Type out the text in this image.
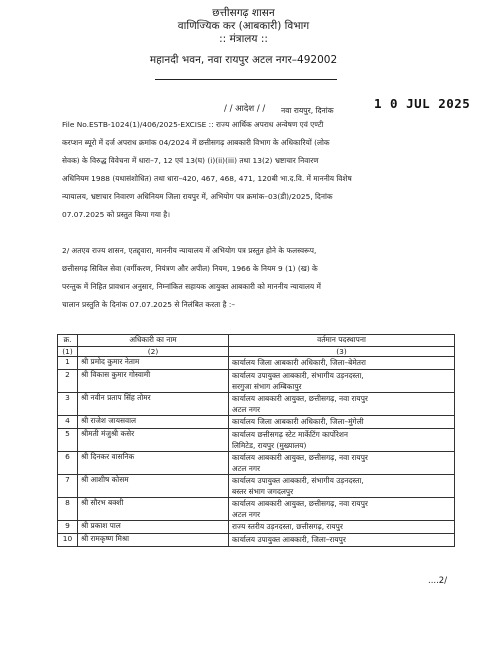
छत्तीसगढ़ शासन
वाणिज्यिक कर (आबकारी) विभाग
:: मंत्रालय ::
महानदी भवन, नवा रायपुर अटल नगर–492002
/ / आदेश / / नवा रायपुर, दिनांक	1 0 JUL 2025
File No.ESTB-1024(1)/406/2025-EXCISE :: राज्य आर्थिक अपराध अन्वेषण एवं एण्टी
करप्शन ब्यूरो में दर्ज अपराध क्रमांक 04/2024 में छत्तीसगढ़ आबकारी विभाग के अधिकारियों (लोक
सेवक) के विरुद्ध विवेचना में धारा–7, 12 एवं 13(घ) (i)(ii)(iii) तथा 13(2) भ्रष्टाचार निवारण
अधिनियम 1988 (यथासंशोधित) तथा धारा–420, 467, 468, 471, 120बी भा.द.वि. में माननीय विशेष
न्यायालय, भ्रष्टाचार निवारण अधिनियम जिला रायपुर में, अभियोग पत्र क्रमांक–03(डी)/2025, दिनांक
07.07.2025 को प्रस्तुत किया गया है।
2/ अतएव राज्य शासन, एतद्द्वारा, माननीय न्यायालय में अभियोग पत्र प्रस्तुत होने के फलस्वरूप,
छत्तीसगढ़ सिविल सेवा (वर्गीकरण, नियंत्रण और अपील) नियम, 1966 के नियम 9 (1) (ख) के
परन्तुक में निहित प्रावधान अनुसार, निम्नांकित सहायक आयुक्त आबकारी को माननीय न्यायालय में
चालान प्रस्तुति के दिनांक 07.07.2025 से निलंबित करता है :–
क्र.	अधिकारी का नाम	वर्तमान पदस्थापना
(1)	(2)	(3)
1	श्री प्रमोद कुमार नेताम	कार्यालय जिला आबकारी अधिकारी, जिला–बेमेतरा

2	श्री विकास कुमार गोस्वामी	कार्यालय उपायुक्त आबकारी, संभागीय उड़नदस्ता,
सरगुजा संभाग अम्बिकापुर

3	श्री नवीन प्रताप सिंह तोमर	कार्यालय आबकारी आयुक्त, छत्तीसगढ़, नवा रायपुर
अटल नगर

4	श्री राजेश जायसवाल	कार्यालय जिला आबकारी अधिकारी, जिला–मुंगेली

5	श्रीमती मंजुश्री कसेर	कार्यालय छत्तीसगढ़ स्टेट मार्केटिंग कार्पोरेशन
लिमिटेड, रायपुर (मुख्यालय)

6	श्री दिनकर वासनिक	कार्यालय आबकारी आयुक्त, छत्तीसगढ़, नवा रायपुर
अटल नगर

7	श्री आशीष कोसम	कार्यालय उपायुक्त आबकारी, संभागीय उड़नदस्ता,
बस्तर संभाग जगदलपुर

8	श्री सौरभ बक्शी	कार्यालय आबकारी आयुक्त, छत्तीसगढ़, नवा रायपुर
अटल नगर

9	श्री प्रकाश पाल	राज्य स्तरीय उड़नदस्ता, छत्तीसगढ़, रायपुर

10	श्री रामकृष्ण मिश्रा	कार्यालय उपायुक्त आबकारी, जिला–रायपुर
....2/
